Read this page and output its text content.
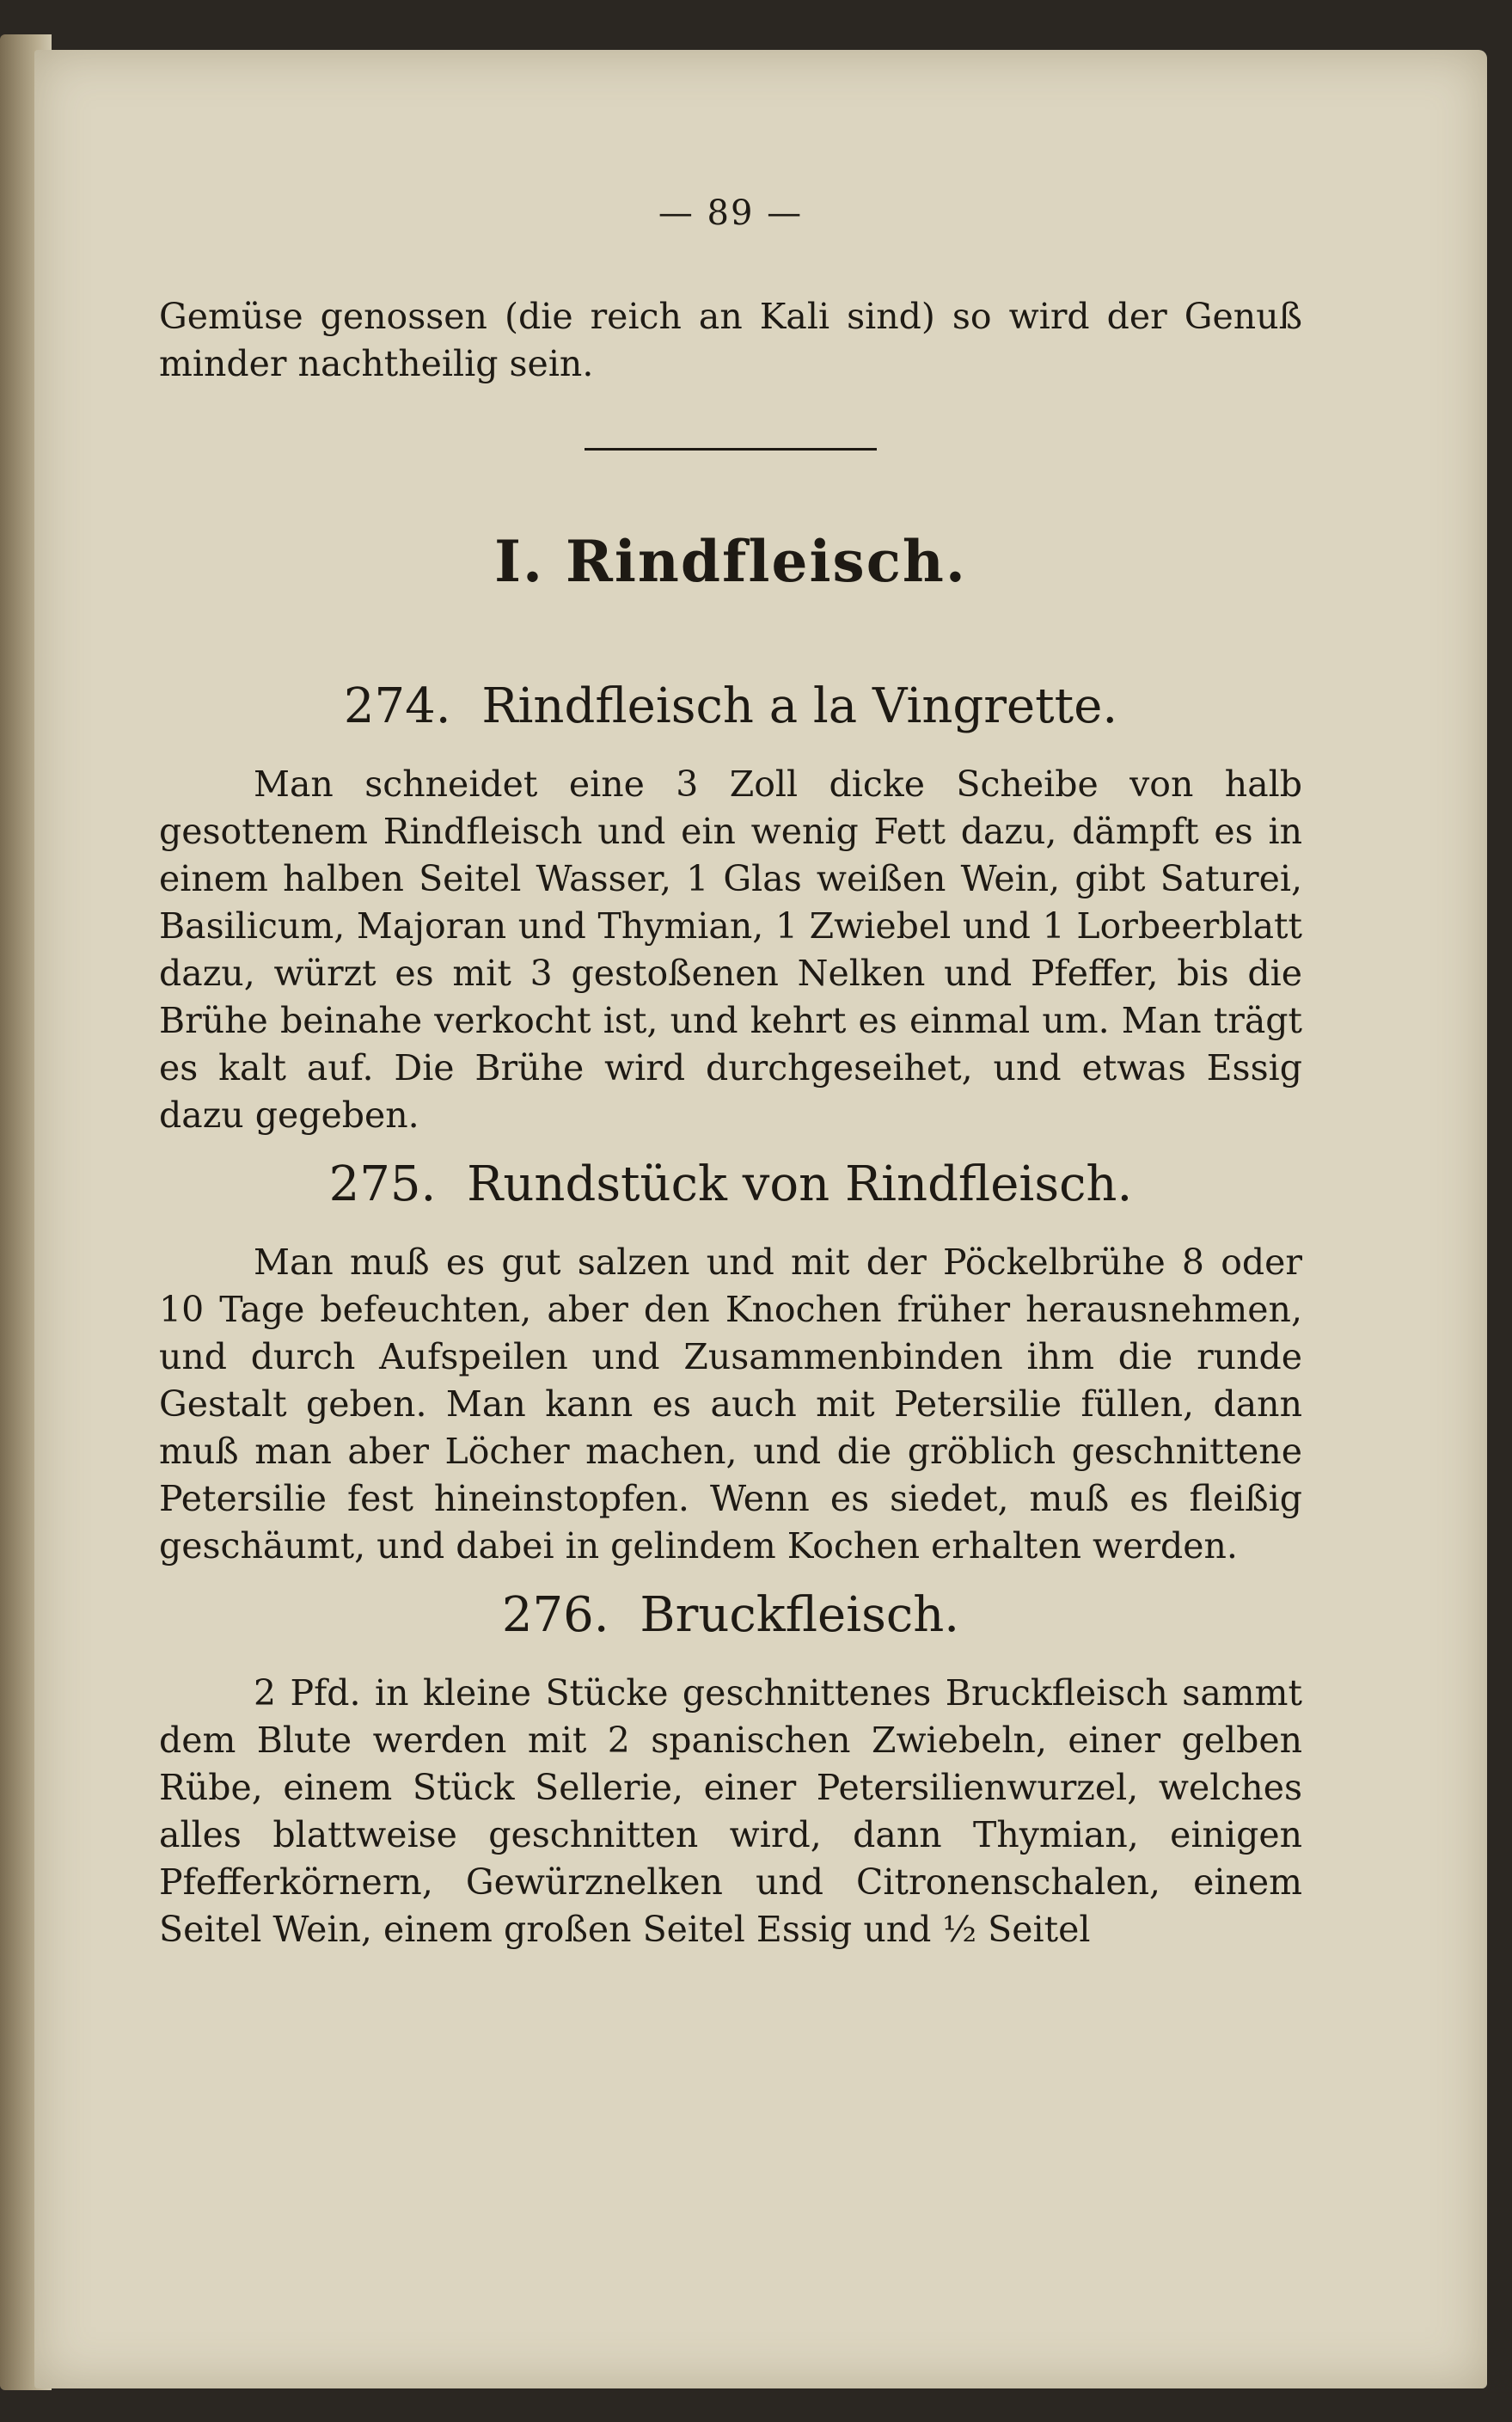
— 89 —

Gemüse genossen (die reich an Kali sind) so wird der Genuß minder nachtheilig sein.

I. Rindfleisch.
274. Rindfleisch a la Vingrette.

Man schneidet eine 3 Zoll dicke Scheibe von halb gesottenem Rindfleisch und ein wenig Fett dazu, dämpft es in einem halben Seitel Wasser, 1 Glas weißen Wein, gibt Saturei, Basilicum, Majoran und Thymian, 1 Zwiebel und 1 Lorbeerblatt dazu, würzt es mit 3 gestoßenen Nelken und Pfeffer, bis die Brühe beinahe verkocht ist, und kehrt es einmal um. Man trägt es kalt auf. Die Brühe wird durchgeseihet, und etwas Essig dazu gegeben.

275. Rundstück von Rindfleisch.

Man muß es gut salzen und mit der Pöckelbrühe 8 oder 10 Tage befeuchten, aber den Knochen früher herausnehmen, und durch Aufspeilen und Zusammenbinden ihm die runde Gestalt geben. Man kann es auch mit Petersilie füllen, dann muß man aber Löcher machen, und die gröblich geschnittene Petersilie fest hineinstopfen. Wenn es siedet, muß es fleißig geschäumt, und dabei in gelindem Kochen erhalten werden.

276. Bruckfleisch.

2 Pfd. in kleine Stücke geschnittenes Bruckfleisch sammt dem Blute werden mit 2 spanischen Zwiebeln, einer gelben Rübe, einem Stück Sellerie, einer Petersilienwurzel, welches alles blattweise geschnitten wird, dann Thymian, einigen Pfefferkörnern, Gewürznelken und Citronenschalen, einem Seitel Wein, einem großen Seitel Essig und ½ Seitel
